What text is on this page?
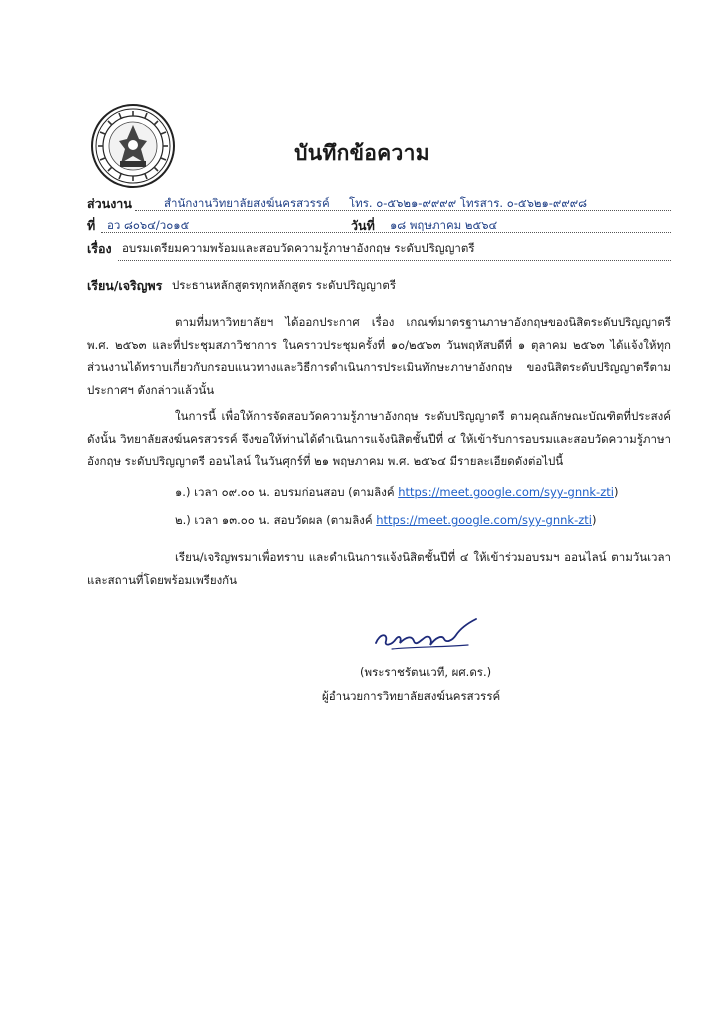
บันทึกข้อความ
ส่วนงาน	สำนักงานวิทยาลัยสงฆ์นครสวรรค์ โทร. ๐-๕๖๒๑-๙๙๙๙ โทรสาร. ๐-๕๖๒๑-๙๙๙๘
ที่ อว ๘๐๖๔/ว๐๑๕	วันที่ ๑๘ พฤษภาคม ๒๕๖๔
เรื่อง อบรมเตรียมความพร้อมและสอบวัดความรู้ภาษาอังกฤษ ระดับปริญญาตรี
เรียน/เจริญพร ประธานหลักสูตรทุกหลักสูตร ระดับปริญญาตรี
ตามที่มหาวิทยาลัยฯ ได้ออกประกาศ เรื่อง เกณฑ์มาตรฐานภาษาอังกฤษของนิสิตระดับปริญญาตรี พ.ศ. ๒๕๖๓ และที่ประชุมสภาวิชาการ ในคราวประชุมครั้งที่ ๑๐/๒๕๖๓ วันพฤหัสบดีที่ ๑ ตุลาคม ๒๕๖๓ ได้แจ้งให้ทุกส่วนงานได้ทราบเกี่ยวกับกรอบแนวทางและวิธีการดำเนินการประเมินทักษะภาษาอังกฤษ ของนิสิตระดับปริญญาตรีตามประกาศฯ ดังกล่าวแล้วนั้น
ในการนี้ เพื่อให้การจัดสอบวัดความรู้ภาษาอังกฤษ ระดับปริญญาตรี ตามคุณลักษณะบัณฑิตที่ประสงค์ ดังนั้น วิทยาลัยสงฆ์นครสวรรค์ จึงขอให้ท่านได้ดำเนินการแจ้งนิสิตชั้นปีที่ ๔ ให้เข้ารับการอบรมและสอบวัดความรู้ภาษาอังกฤษ ระดับปริญญาตรี ออนไลน์ ในวันศุกร์ที่ ๒๑ พฤษภาคม พ.ศ. ๒๕๖๔ มีรายละเอียดดังต่อไปนี้
๑.) เวลา ๐๙.๐๐ น. อบรมก่อนสอบ (ตามลิงค์ https://meet.google.com/syy-gnnk-zti)
๒.) เวลา ๑๓.๐๐ น. สอบวัดผล (ตามลิงค์ https://meet.google.com/syy-gnnk-zti)
เรียน/เจริญพรมาเพื่อทราบ และดำเนินการแจ้งนิสิตชั้นปีที่ ๔ ให้เข้าร่วมอบรมฯ ออนไลน์ ตามวันเวลา และสถานที่โดยพร้อมเพรียงกัน
(พระราชรัตนเวที, ผศ.ดร.)
ผู้อำนวยการวิทยาลัยสงฆ์นครสวรรค์
